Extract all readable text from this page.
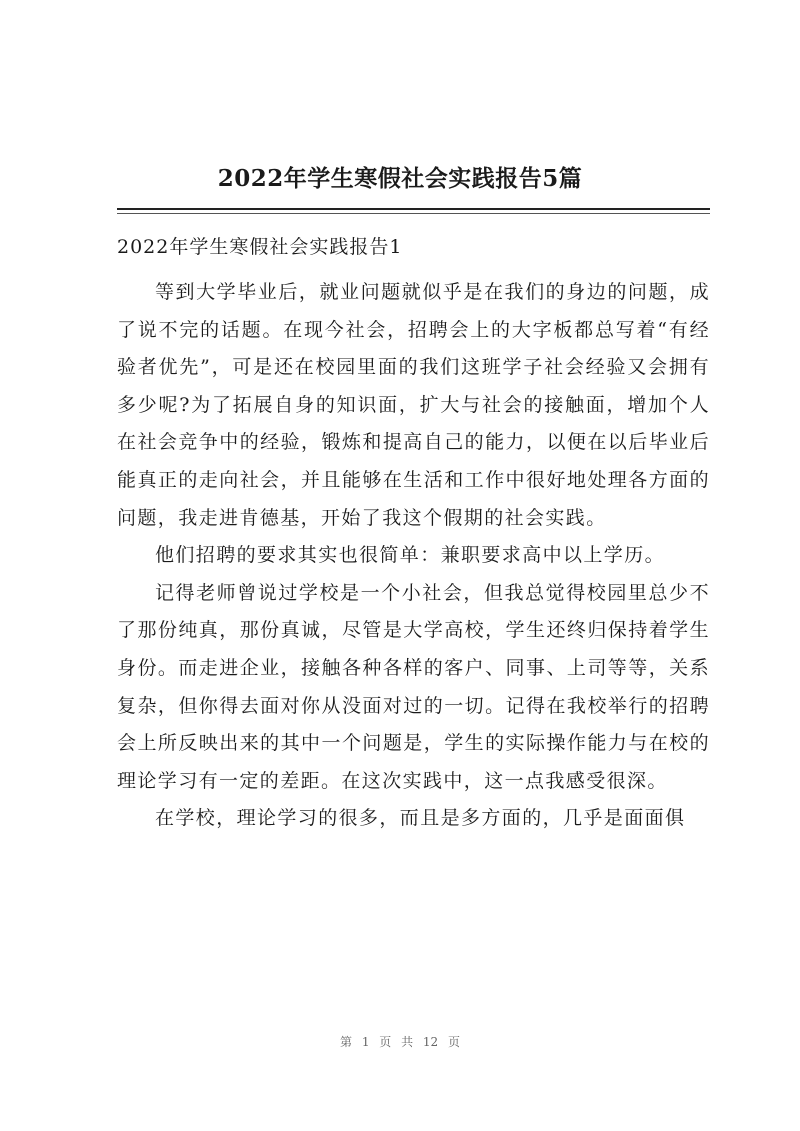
2022年学生寒假社会实践报告5篇
2022年学生寒假社会实践报告1

等到大学毕业后，就业问题就似乎是在我们的身边的问题，成了说不完的话题。在现今社会，招聘会上的大字板都总写着“有经验者优先”，可是还在校园里面的我们这班学子社会经验又会拥有多少呢?为了拓展自身的知识面，扩大与社会的接触面，增加个人在社会竞争中的经验，锻炼和提高自己的能力，以便在以后毕业后能真正的走向社会，并且能够在生活和工作中很好地处理各方面的问题，我走进肯德基，开始了我这个假期的社会实践。

他们招聘的要求其实也很简单：兼职要求高中以上学历。

记得老师曾说过学校是一个小社会，但我总觉得校园里总少不了那份纯真，那份真诚，尽管是大学高校，学生还终归保持着学生身份。而走进企业，接触各种各样的客户、同事、上司等等，关系复杂，但你得去面对你从没面对过的一切。记得在我校举行的招聘会上所反映出来的其中一个问题是，学生的实际操作能力与在校的理论学习有一定的差距。在这次实践中，这一点我感受很深。

在学校，理论学习的很多，而且是多方面的，几乎是面面俱

第 1 页 共 12 页
